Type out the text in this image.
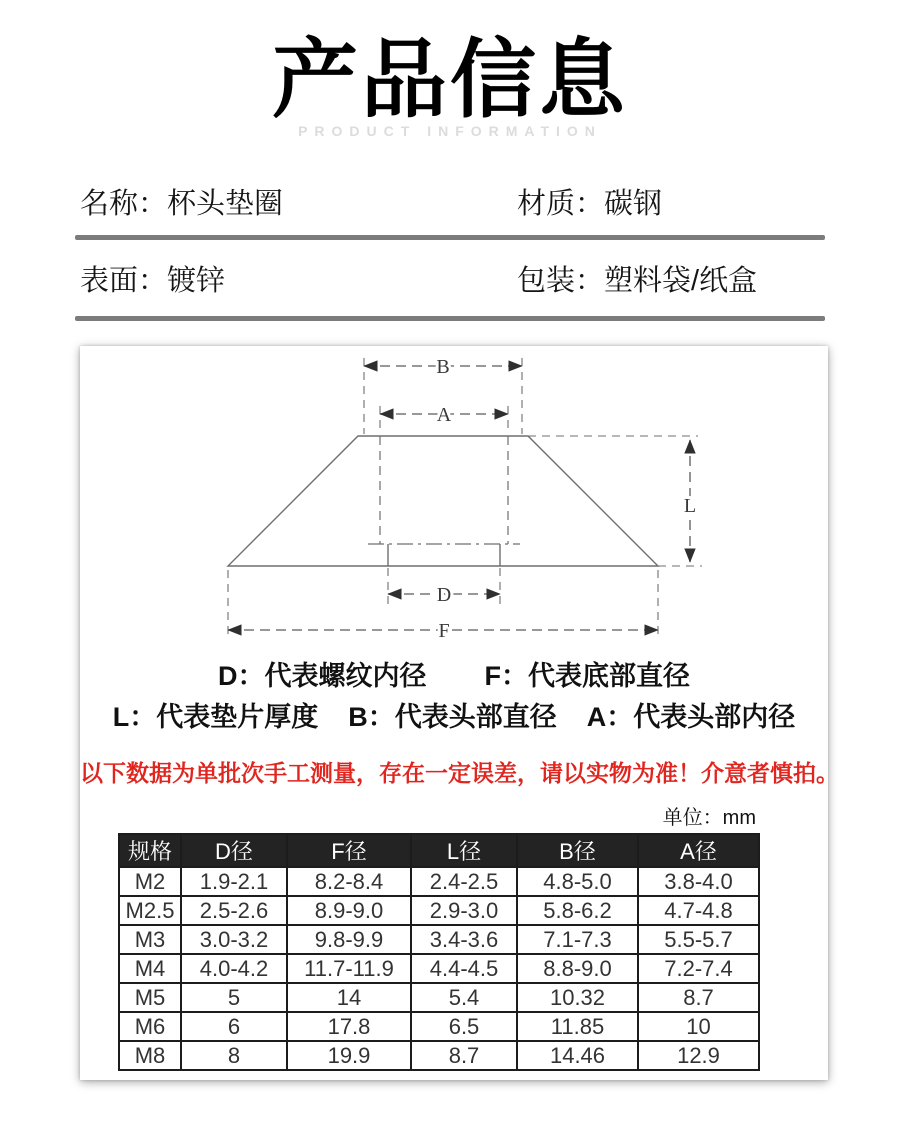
产品信息
PRODUCT INFORMATION
名称：杯头垫圈	材质：碳钢
表面：镀锌	包装：塑料袋/纸盒
B
A
L
D
F
D：代表螺纹内径 F：代表底部直径
L：代表垫片厚度 B：代表头部直径 A：代表头部内径
以下数据为单批次手工测量，存在一定误差，请以实物为准！介意者慎拍。
单位：mm
规格	D径	F径	L径	B径	A径
M2	1.9-2.1	8.2-8.4	2.4-2.5	4.8-5.0	3.8-4.0
M2.5	2.5-2.6	8.9-9.0	2.9-3.0	5.8-6.2	4.7-4.8
M3	3.0-3.2	9.8-9.9	3.4-3.6	7.1-7.3	5.5-5.7
M4	4.0-4.2	11.7-11.9	4.4-4.5	8.8-9.0	7.2-7.4
M5	5	14	5.4	10.32	8.7
M6	6	17.8	6.5	11.85	10
M8	8	19.9	8.7	14.46	12.9
